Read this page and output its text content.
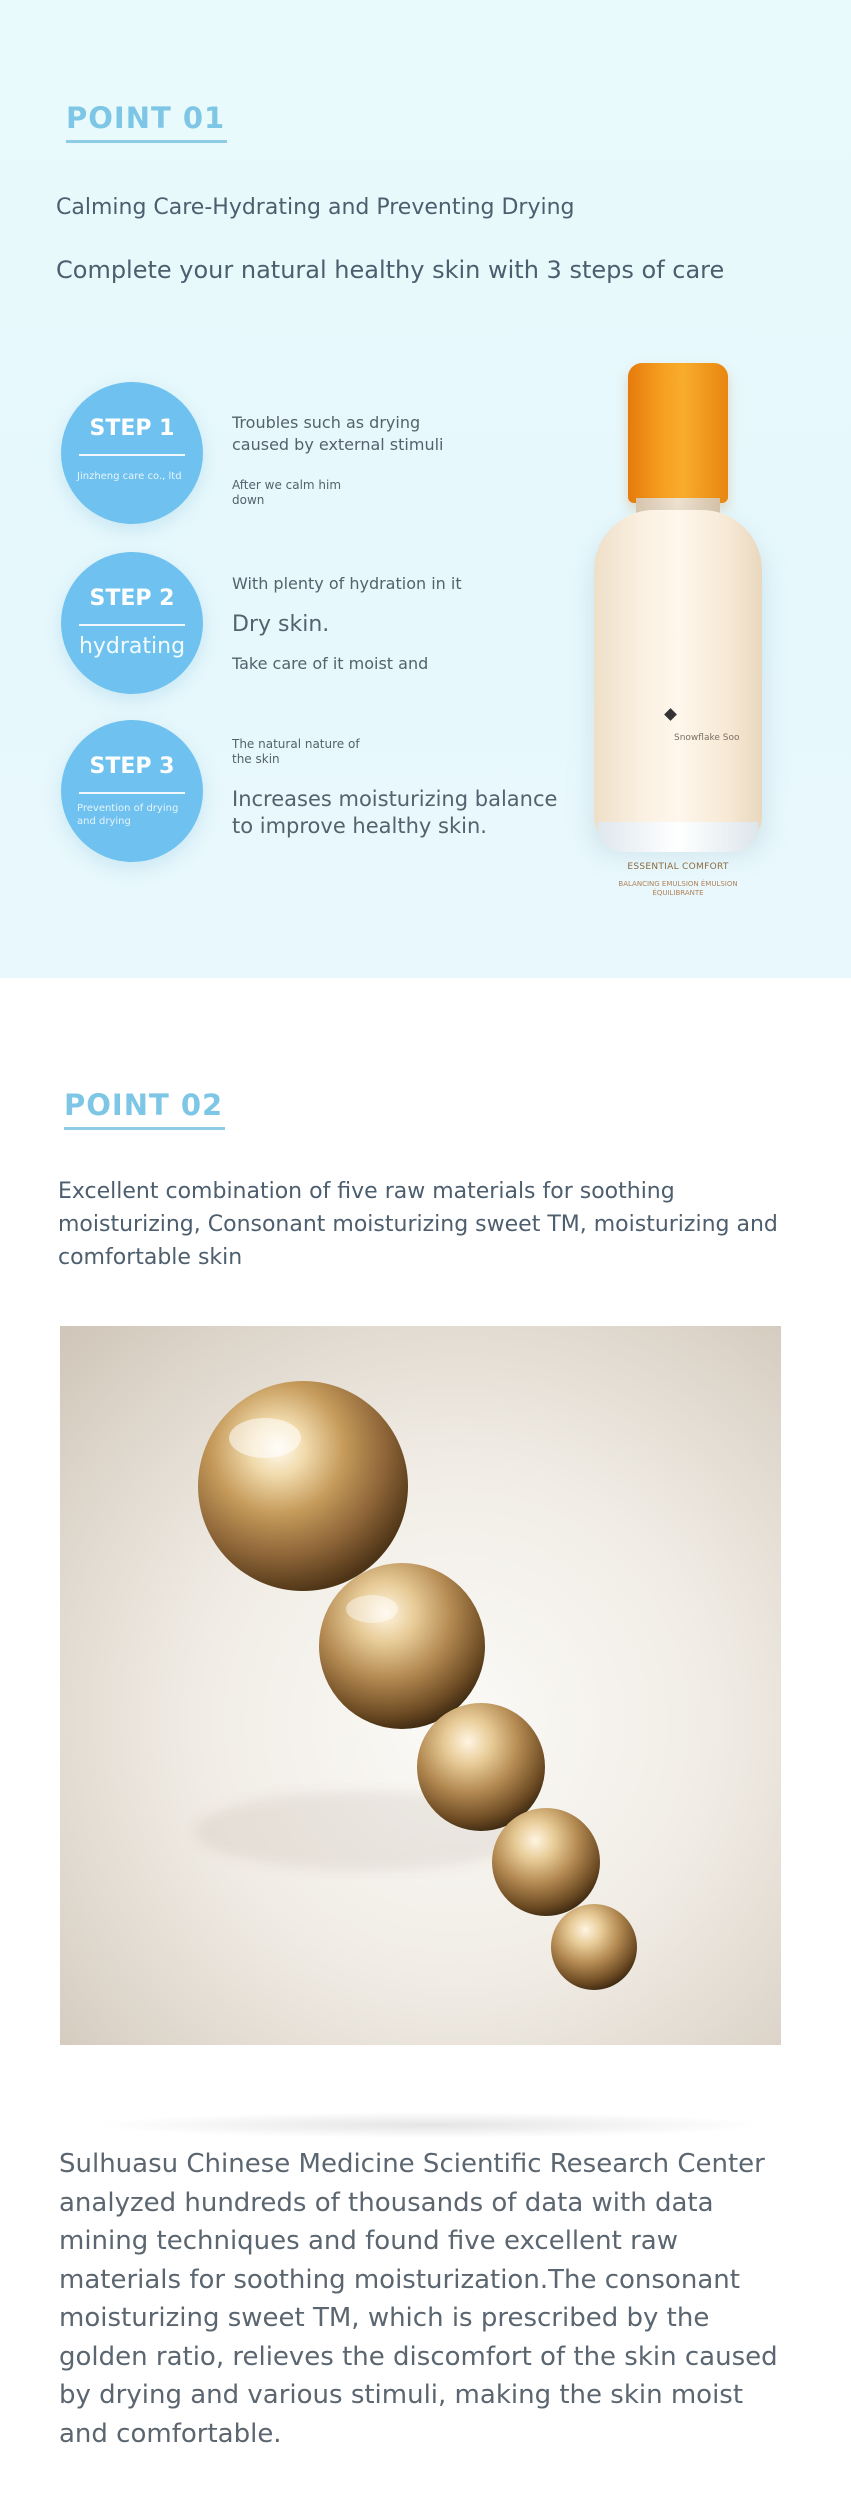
POINT 01
Calming Care-Hydrating and Preventing Drying
Complete your natural healthy skin with 3 steps of care
STEP 1
Jinzheng care co., ltd
Troubles such as drying caused by external stimuli
After we calm him down
STEP 2
hydrating
With plenty of hydration in it
Dry skin.
Take care of it moist and
STEP 3
Prevention of drying and drying
The natural nature of the skin
Increases moisturizing balance to improve healthy skin.
Snowflake Soo
ESSENTIAL COMFORT
BALANCING EMULSION ÉMULSION ÉQUILIBRANTE
POINT 02
Excellent combination of five raw materials for soothing moisturizing, Consonant moisturizing sweet TM, moisturizing and comfortable skin
Sulhuasu Chinese Medicine Scientific Research Center analyzed hundreds of thousands of data with data mining techniques and found five excellent raw materials for soothing moisturization.The consonant moisturizing sweet TM, which is prescribed by the golden ratio, relieves the discomfort of the skin caused by drying and various stimuli, making the skin moist and comfortable.
